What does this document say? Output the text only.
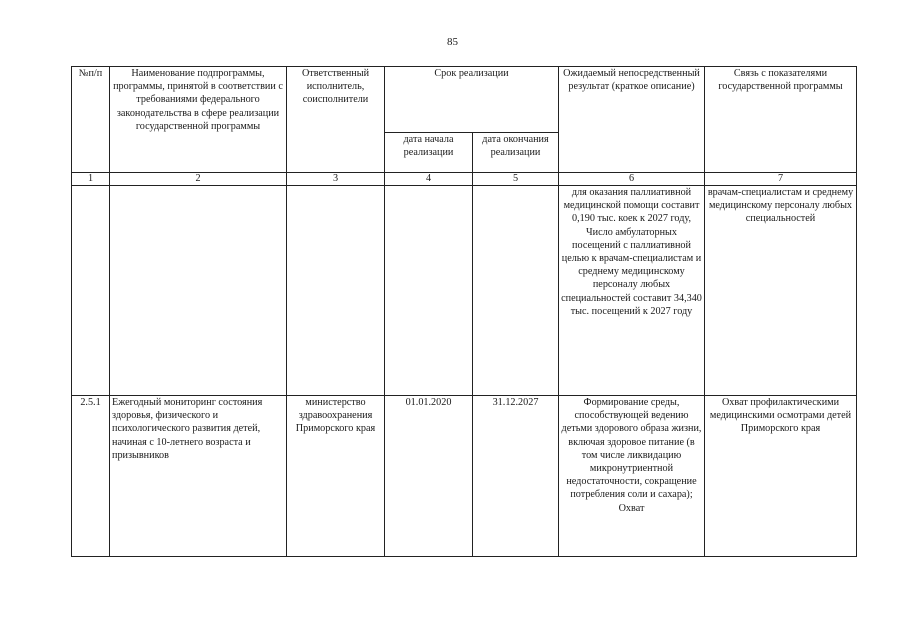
85
№п/п	Наименование подпрограммы, программы, принятой в соответствии с требованиями федерального законодательства в сфере реализации государственной программы	Ответственный исполнитель, соисполнители	Срок реализации		Ожидаемый непосредственный результат (краткое описание)	Связь с показателями государственной программы
			дата начала реализации	дата окончания реализации		
1	2	3	4	5	6	7
					для оказания паллиативной медицинской помощи составит 0,190 тыс. коек к 2027 году, Число амбулаторных посещений с паллиативной целью к врачам-специалистам и среднему медицинскому персоналу любых специальностей составит 34,340 тыс. посещений к 2027 году	врачам-специалистам и среднему медицинскому персоналу любых специальностей
2.5.1	Ежегодный мониторинг состояния здоровья, физического и психологического развития детей, начиная с 10-летнего возраста и призывников	министерство здравоохранения Приморского края	01.01.2020	31.12.2027	Формирование среды, способствующей ведению детьми здорового образа жизни, включая здоровое питание (в том числе ликвидацию микронутриентной недостаточности, сокращение потребления соли и сахара); Охват	Охват профилактическими медицинскими осмотрами детей Приморского края
